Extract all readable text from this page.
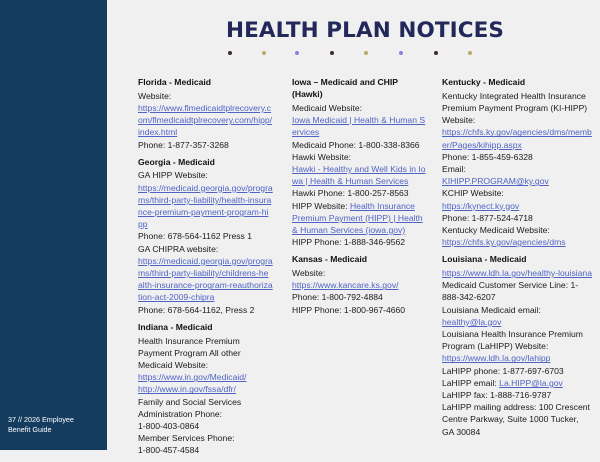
37 // 2026 Employee
Benefit Guide
HEALTH PLAN NOTICES
Florida - Medicaid
Website:
https://www.flmedicaidtplrecovery.com/flmedicaidtplrecovery.com/hipp/index.html
Phone: 1-877-357-3268
Georgia - Medicaid
GA HIPP Website:
https://medicaid.georgia.gov/programs/third-party-liability/health-insurance-premium-payment-program-hipp
Phone: 678-564-1162 Press 1
GA CHIPRA website:
https://medicaid.georgia.gov/programs/third-party-liability/childrens-health-insurance-program-reauthorization-act-2009-chipra
Phone: 678-564-1162, Press 2
Indiana - Medicaid
Health Insurance Premium Payment Program All other Medicaid Website:
https://www.in.gov/Medicaid/
http://www.in.gov/fssa/dfr/
Family and Social Services Administration Phone:
1-800-403-0864
Member Services Phone:
1-800-457-4584
Iowa – Medicaid and CHIP (Hawki)
Medicaid Website:
Iowa Medicaid | Health & Human Services
Medicaid Phone: 1-800-338-8366
Hawki Website:
Hawki - Healthy and Well Kids in Iowa | Health & Human Services
Hawki Phone: 1-800-257-8563
HIPP Website: Health Insurance Premium Payment (HIPP) | Health & Human Services (iowa.gov)
HIPP Phone: 1-888-346-9562
Kansas - Medicaid
Website:
https://www.kancare.ks.gov/
Phone: 1-800-792-4884
HIPP Phone: 1-800-967-4660
Kentucky - Medicaid
Kentucky Integrated Health Insurance Premium Payment Program (KI-HIPP) Website:
https://chfs.ky.gov/agencies/dms/member/Pages/kihipp.aspx
Phone: 1-855-459-6328
Email:
KIHIPP.PROGRAM@ky.gov
KCHIP Website:
https://kynect.ky.gov
Phone: 1-877-524-4718
Kentucky Medicaid Website:
https://chfs.ky.gov/agencies/dms
Louisiana - Medicaid
https://www.ldh.la.gov/healthy-louisiana
Medicaid Customer Service Line: 1-888-342-6207
Louisiana Medicaid email:
healthy@la.gov
Louisiana Health Insurance Premium Program (LaHIPP) Website:
https://www.ldh.la.gov/lahipp
LaHIPP phone: 1-877-697-6703
LaHIPP email: La.HIPP@la.gov
LaHIPP fax: 1-888-716-9787
LaHIPP mailing address: 100 Crescent Centre Parkway, Suite 1000 Tucker, GA 30084
